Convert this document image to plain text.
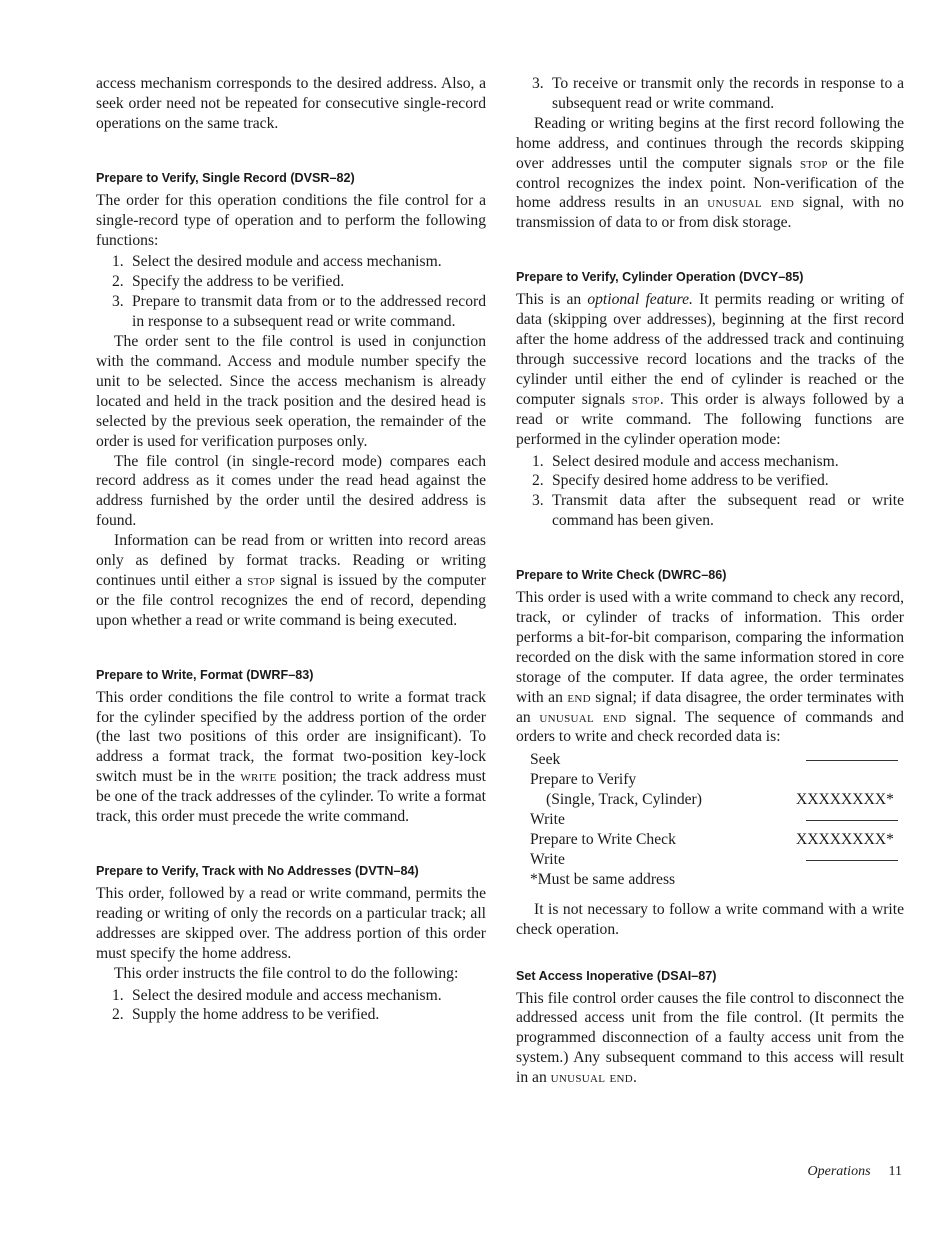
access mechanism corresponds to the desired address. Also, a seek order need not be repeated for consecutive single-record operations on the same track.

Prepare to Verify, Single Record (DVSR–82)

The order for this operation conditions the file control for a single-record type of operation and to perform the following functions:

1. Select the desired module and access mechanism.
2. Specify the address to be verified.
3. Prepare to transmit data from or to the addressed record in response to a subsequent read or write command.

The order sent to the file control is used in conjunction with the command. Access and module number specify the unit to be selected. Since the access mechanism is already located and held in the track position and the desired head is selected by the previous seek operation, the remainder of the order is used for verification purposes only.

The file control (in single-record mode) compares each record address as it comes under the read head against the address furnished by the order until the desired address is found.

Information can be read from or written into record areas only as defined by format tracks. Reading or writing continues until either a stop signal is issued by the computer or the file control recognizes the end of record, depending upon whether a read or write command is being executed.

Prepare to Write, Format (DWRF–83)

This order conditions the file control to write a format track for the cylinder specified by the address portion of the order (the last two positions of this order are insignificant). To address a format track, the format two-position key-lock switch must be in the write position; the track address must be one of the track addresses of the cylinder. To write a format track, this order must precede the write command.

Prepare to Verify, Track with No Addresses (DVTN–84)

This order, followed by a read or write command, permits the reading or writing of only the records on a particular track; all addresses are skipped over. The address portion of this order must specify the home address.

This order instructs the file control to do the following:

1. Select the desired module and access mechanism.
2. Supply the home address to be verified.
3. To receive or transmit only the records in response to a subsequent read or write command.

Reading or writing begins at the first record following the home address, and continues through the records skipping over addresses until the computer signals stop or the file control recognizes the index point. Non-verification of the home address results in an unusual end signal, with no transmission of data to or from disk storage.

Prepare to Verify, Cylinder Operation (DVCY–85)

This is an optional feature. It permits reading or writing of data (skipping over addresses), beginning at the first record after the home address of the addressed track and continuing through successive record locations and the tracks of the cylinder until either the end of cylinder is reached or the computer signals stop. This order is always followed by a read or write command. The following functions are performed in the cylinder operation mode:

1. Select desired module and access mechanism.
2. Specify desired home address to be verified.
3. Transmit data after the subsequent read or write command has been given.
Prepare to Write Check (DWRC–86)

This order is used with a write command to check any record, track, or cylinder of tracks of information. This order performs a bit-for-bit comparison, comparing the information recorded on the disk with the same information stored in core storage of the computer. If data agree, the order terminates with an end signal; if data disagree, the order terminates with an unusual end signal. The sequence of commands and orders to write and check recorded data is:

Seek
Prepare to Verify
(Single, Track, Cylinder)	XXXXXXXX*
Write
Prepare to Write Check	XXXXXXXX*
Write
*Must be same address

It is not necessary to follow a write command with a write check operation.

Set Access Inoperative (DSAI–87)

This file control order causes the file control to disconnect the addressed access unit from the file control. (It permits the programmed disconnection of a faulty access unit from the system.) Any subsequent command to this access will result in an unusual end.

Operations 11
